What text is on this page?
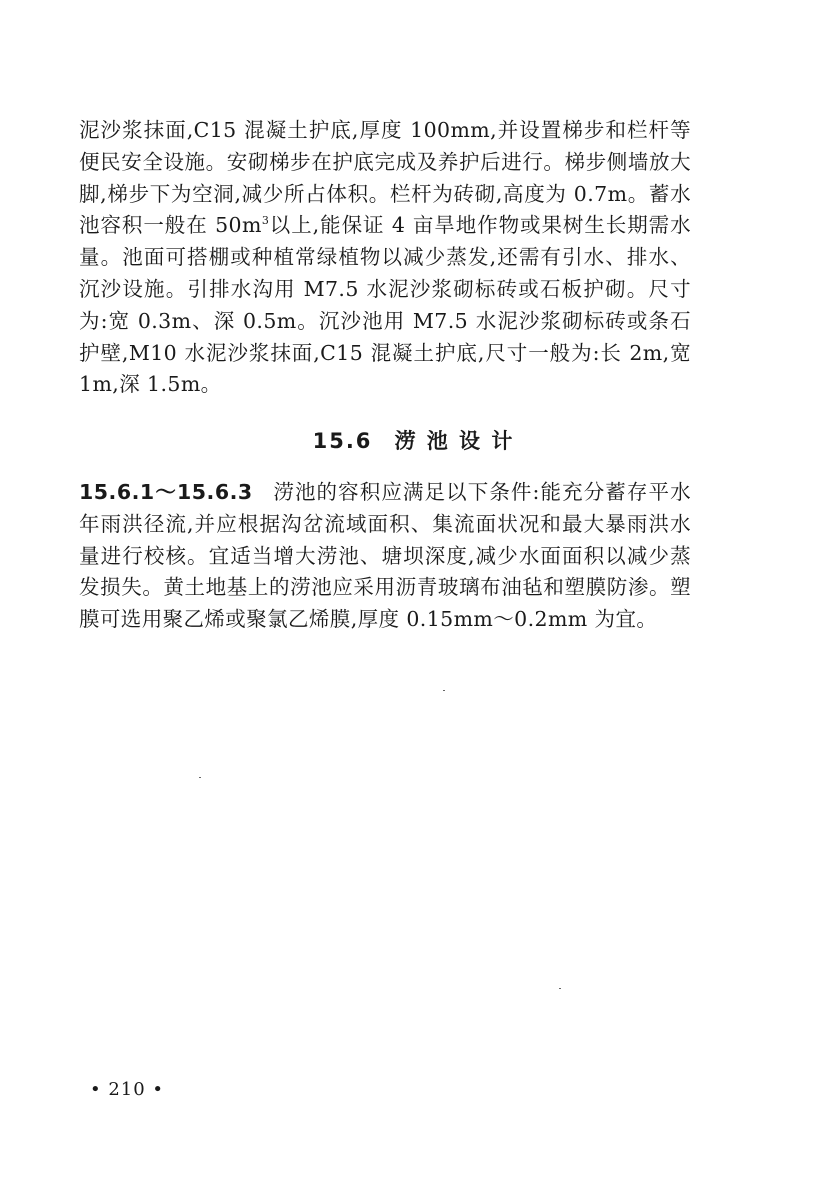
泥沙浆抹面,C15 混凝土护底,厚度 100mm,并设置梯步和栏杆等便民安全设施。安砌梯步在护底完成及养护后进行。梯步侧墙放大脚,梯步下为空洞,减少所占体积。栏杆为砖砌,高度为 0.7m。蓄水池容积一般在 $50m^3$以上,能保证 4 亩旱地作物或果树生长期需水量。池面可搭棚或种植常绿植物以减少蒸发,还需有引水、排水、沉沙设施。引排水沟用 M7.5 水泥沙浆砌标砖或石板护砌。尺寸为:宽 0.3m、深 0.5m。沉沙池用 M7.5 水泥沙浆砌标砖或条石护壁,M10 水泥沙浆抹面,C15 混凝土护底,尺寸一般为:长 2m,宽 1m,深 1.5m。

15.6 涝 池 设 计

15.6.1～15.6.3 涝池的容积应满足以下条件:能充分蓄存平水年雨洪径流,并应根据沟岔流域面积、集流面状况和最大暴雨洪水量进行校核。宜适当增大涝池、塘坝深度,减少水面面积以减少蒸发损失。黄土地基上的涝池应采用沥青玻璃布油毡和塑膜防渗。塑膜可选用聚乙烯或聚氯乙烯膜,厚度 0.15mm～0.2mm 为宜。

• 210 •
